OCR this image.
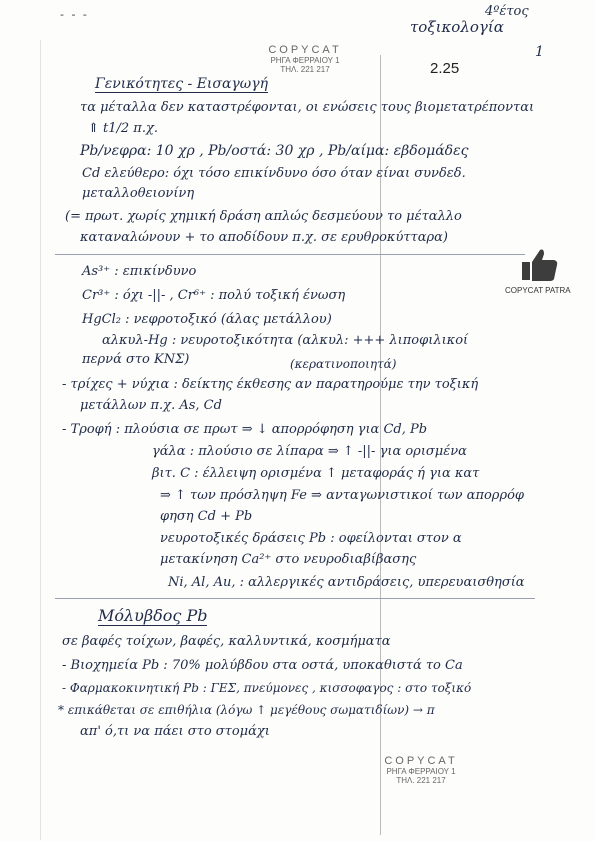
- - -	4ºέτος
τοξικολογία
1
COPYCAT
ΡΗΓΑ ΦΕΡΡΑΙΟΥ 1
ΤΗΛ. 221 217	2.25
COPYCAT PATRA
Γενικότητες - Εισαγωγή
τα μέταλλα δεν καταστρέφονται, οι ενώσεις τους βιομετατρέπονται
⇑ t1/2 π.χ.
Pb/νεφρα: 10 χρ , Pb/οστά: 30 χρ , Pb/αίμα: εβδομάδες
Cd ελεύθερο: όχι τόσο επικίνδυνο όσο όταν είναι συνδεδ.
μεταλλοθειονίνη
(= πρωτ. χωρίς χημική δράση απλώς δεσμεύουν το μέταλλο
καταναλώνουν + το αποδίδουν π.χ. σε ερυθροκύτταρα)
As³⁺ : επικίνδυνο
Cr³⁺ : όχι -||- , Cr⁶⁺ : πολύ τοξική ένωση
HgCl₂ : νεφροτοξικό (άλας μετάλλου)
αλκυλ-Hg : νευροτοξικότητα (αλκυλ: +++ λιποφιλικοί
περνά στο ΚΝΣ)	(κερατινοποιητά)
- τρίχες + νύχια : δείκτης έκθεσης αν παρατηρούμε την τοξική
μετάλλων π.χ. As, Cd
- Τροφή : πλούσια σε πρωτ ⇒ ↓ απορρόφηση για Cd, Pb
γάλα : πλούσιο σε λίπαρα ⇒ ↑ -||- για ορισμένα
βιτ. C : έλλειψη ορισμένα ↑ μεταφοράς ή για κατ
⇒ ↑ των πρόσληψη Fe ⇒ ανταγωνιστικοί των απορρόφ
φηση Cd + Pb
νευροτοξικές δράσεις Pb : οφείλονται στον α
μετακίνηση Ca²⁺ στο νευροδιαβίβασης
Ni, Al, Au, : αλλεργικές αντιδράσεις, υπερευαισθησία
Μόλυβδος Pb
σε βαφές τοίχων, βαφές, καλλυντικά, κοσμήματα
- Βιοχημεία Pb : 70% μολύβδου στα οστά, υποκαθιστά το Ca
- Φαρμακοκινητική Pb : ΓΕΣ, πνεύμονες , κισσοφαγος : στο τοξικό
* επικάθεται σε επιθήλια (λόγω ↑ μεγέθους σωματιδίων) → π
απ' ό,τι να πάει στο στομάχι
COPYCAT
ΡΗΓΑ ΦΕΡΡΑΙΟΥ 1
ΤΗΛ. 221 217
